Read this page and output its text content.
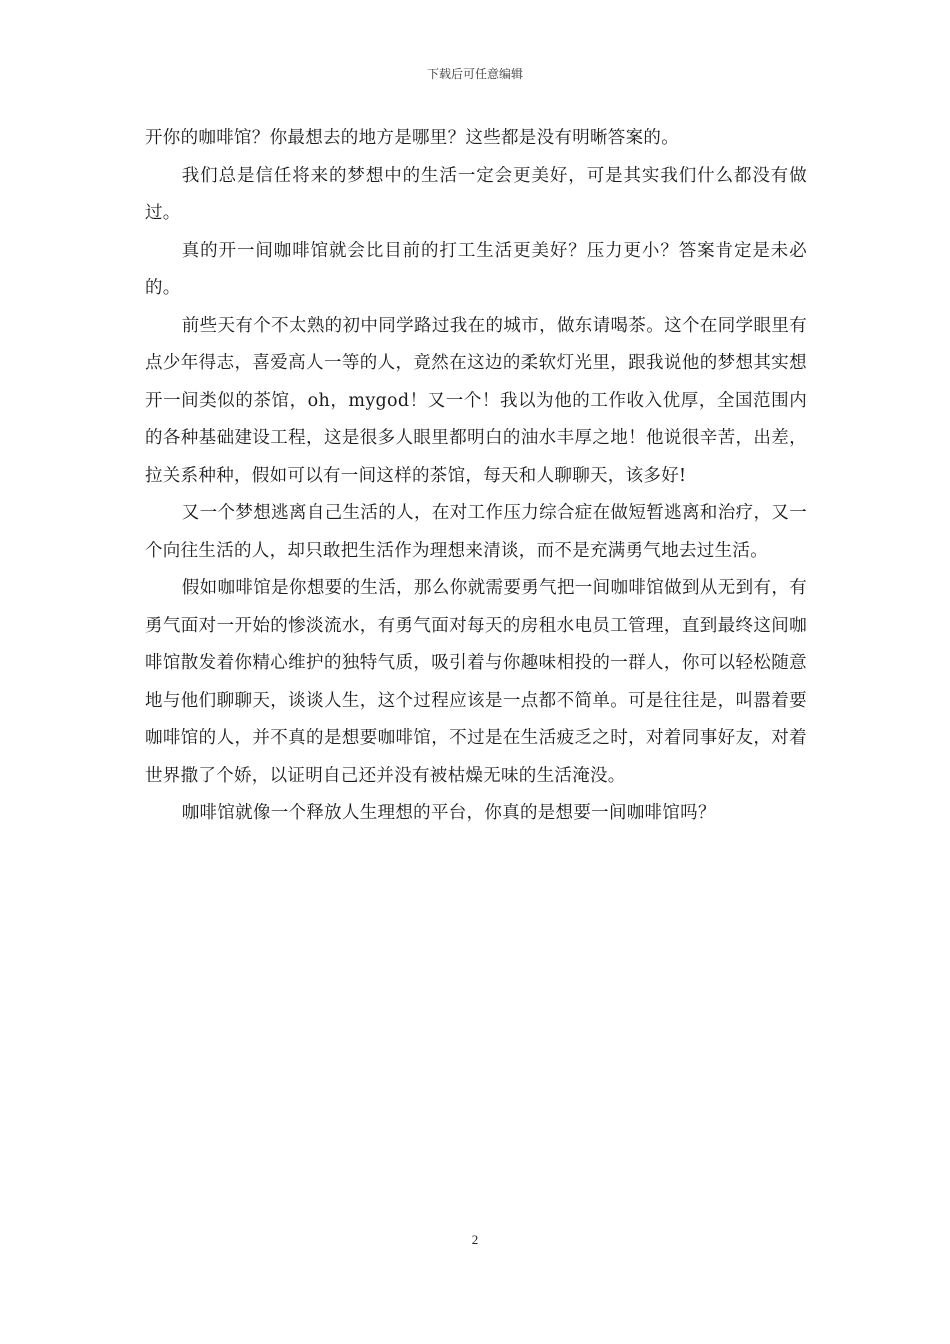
下载后可任意编辑

开你的咖啡馆？你最想去的地方是哪里？这些都是没有明晰答案的。

我们总是信任将来的梦想中的生活一定会更美好，可是其实我们什么都没有做过。

真的开一间咖啡馆就会比目前的打工生活更美好？压力更小？答案肯定是未必的。

前些天有个不太熟的初中同学路过我在的城市，做东请喝茶。这个在同学眼里有点少年得志，喜爱高人一等的人，竟然在这边的柔软灯光里，跟我说他的梦想其实想开一间类似的茶馆，oh，mygod！又一个！我以为他的工作收入优厚，全国范围内的各种基础建设工程，这是很多人眼里都明白的油水丰厚之地！他说很辛苦，出差，拉关系种种，假如可以有一间这样的茶馆，每天和人聊聊天，该多好!

又一个梦想逃离自己生活的人，在对工作压力综合症在做短暂逃离和治疗，又一个向往生活的人，却只敢把生活作为理想来清谈，而不是充满勇气地去过生活。

假如咖啡馆是你想要的生活，那么你就需要勇气把一间咖啡馆做到从无到有，有勇气面对一开始的惨淡流水，有勇气面对每天的房租水电员工管理，直到最终这间咖啡馆散发着你精心维护的独特气质，吸引着与你趣味相投的一群人，你可以轻松随意地与他们聊聊天，谈谈人生，这个过程应该是一点都不简单。可是往往是，叫嚣着要咖啡馆的人，并不真的是想要咖啡馆，不过是在生活疲乏之时，对着同事好友，对着世界撒了个娇，以证明自己还并没有被枯燥无味的生活淹没。

咖啡馆就像一个释放人生理想的平台，你真的是想要一间咖啡馆吗？

2
